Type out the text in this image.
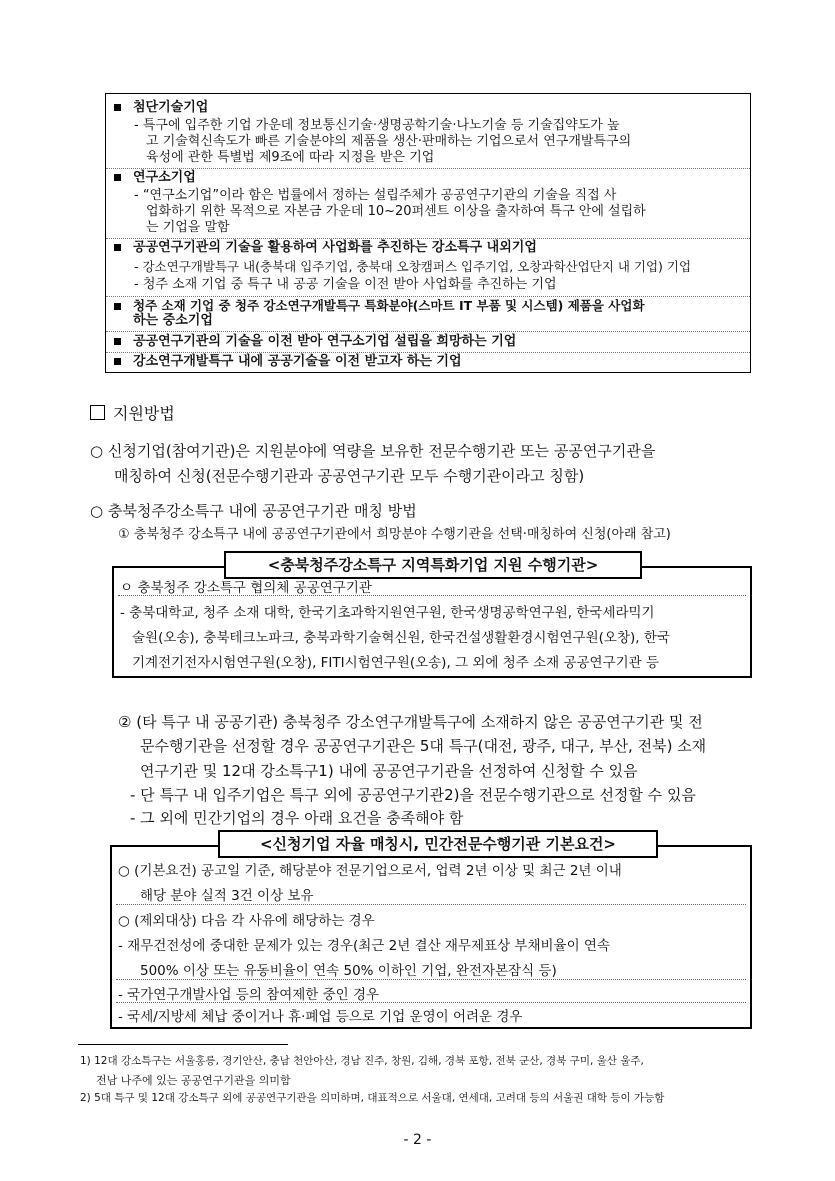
첨단기술기업
- 특구에 입주한 기업 가운데 정보통신기술·생명공학기술·나노기술 등 기술집약도가 높
고 기술혁신속도가 빠른 기술분야의 제품을 생산·판매하는 기업으로서 연구개발특구의
육성에 관한 특별법 제9조에 따라 지정을 받은 기업
연구소기업
- “연구소기업”이라 함은 법률에서 정하는 설립주체가 공공연구기관의 기술을 직접 사
업화하기 위한 목적으로 자본금 가운데 10~20퍼센트 이상을 출자하여 특구 안에 설립하
는 기업을 말함
공공연구기관의 기술을 활용하여 사업화를 추진하는 강소특구 내외기업
- 강소연구개발특구 내(충북대 입주기업, 충북대 오창캠퍼스 입주기업, 오창과학산업단지 내 기업) 기업
- 청주 소재 기업 중 특구 내 공공 기술을 이전 받아 사업화를 추진하는 기업
청주 소재 기업 중 청주 강소연구개발특구 특화분야(스마트 IT 부품 및 시스템) 제품을 사업화
하는 중소기업
공공연구기관의 기술을 이전 받아 연구소기업 설립을 희망하는 기업
강소연구개발특구 내에 공공기술을 이전 받고자 하는 기업
지원방법
○ 신청기업(참여기관)은 지원분야에 역량을 보유한 전문수행기관 또는 공공연구기관을
매칭하여 신청(전문수행기관과 공공연구기관 모두 수행기관이라고 칭함)
○ 충북청주강소특구 내에 공공연구기관 매칭 방법
① 충북청주 강소특구 내에 공공연구기관에서 희망분야 수행기관을 선택·매칭하여 신청(아래 참고)
ㅇ 충북청주 강소특구 협의체 공공연구기관
- 충북대학교, 청주 소재 대학, 한국기초과학지원연구원, 한국생명공학연구원, 한국세라믹기
술원(오송), 충북테크노파크, 충북과학기술혁신원, 한국건설생활환경시험연구원(오창), 한국
기계전기전자시험연구원(오창), FITI시험연구원(오송), 그 외에 청주 소재 공공연구기관 등
<충북청주강소특구 지역특화기업 지원 수행기관>
② (타 특구 내 공공기관) 충북청주 강소연구개발특구에 소재하지 않은 공공연구기관 및 전
문수행기관을 선정할 경우 공공연구기관은 5대 특구(대전, 광주, 대구, 부산, 전북) 소재
연구기관 및 12대 강소특구1) 내에 공공연구기관을 선정하여 신청할 수 있음
- 단 특구 내 입주기업은 특구 외에 공공연구기관2)을 전문수행기관으로 선정할 수 있음
- 그 외에 민간기업의 경우 아래 요건을 충족해야 함
○ (기본요건) 공고일 기준, 해당분야 전문기업으로서, 업력 2년 이상 및 최근 2년 이내
해당 분야 실적 3건 이상 보유
○ (제외대상) 다음 각 사유에 해당하는 경우
- 재무건전성에 중대한 문제가 있는 경우(최근 2년 결산 재무제표상 부채비율이 연속
500% 이상 또는 유동비율이 연속 50% 이하인 기업, 완전자본잠식 등)
- 국가연구개발사업 등의 참여제한 중인 경우
- 국세/지방세 체납 중이거나 휴·폐업 등으로 기업 운영이 어려운 경우
<신청기업 자율 매칭시, 민간전문수행기관 기본요건>
1) 12대 강소특구는 서울홍릉, 경기안산, 충남 천안아산, 경남 진주, 창원, 김해, 경북 포항, 전북 군산, 경북 구미, 울산 울주,
전남 나주에 있는 공공연구기관을 의미함
2) 5대 특구 및 12대 강소특구 외에 공공연구기관을 의미하며, 대표적으로 서울대, 연세대, 고려대 등의 서울권 대학 등이 가능함
- 2 -
